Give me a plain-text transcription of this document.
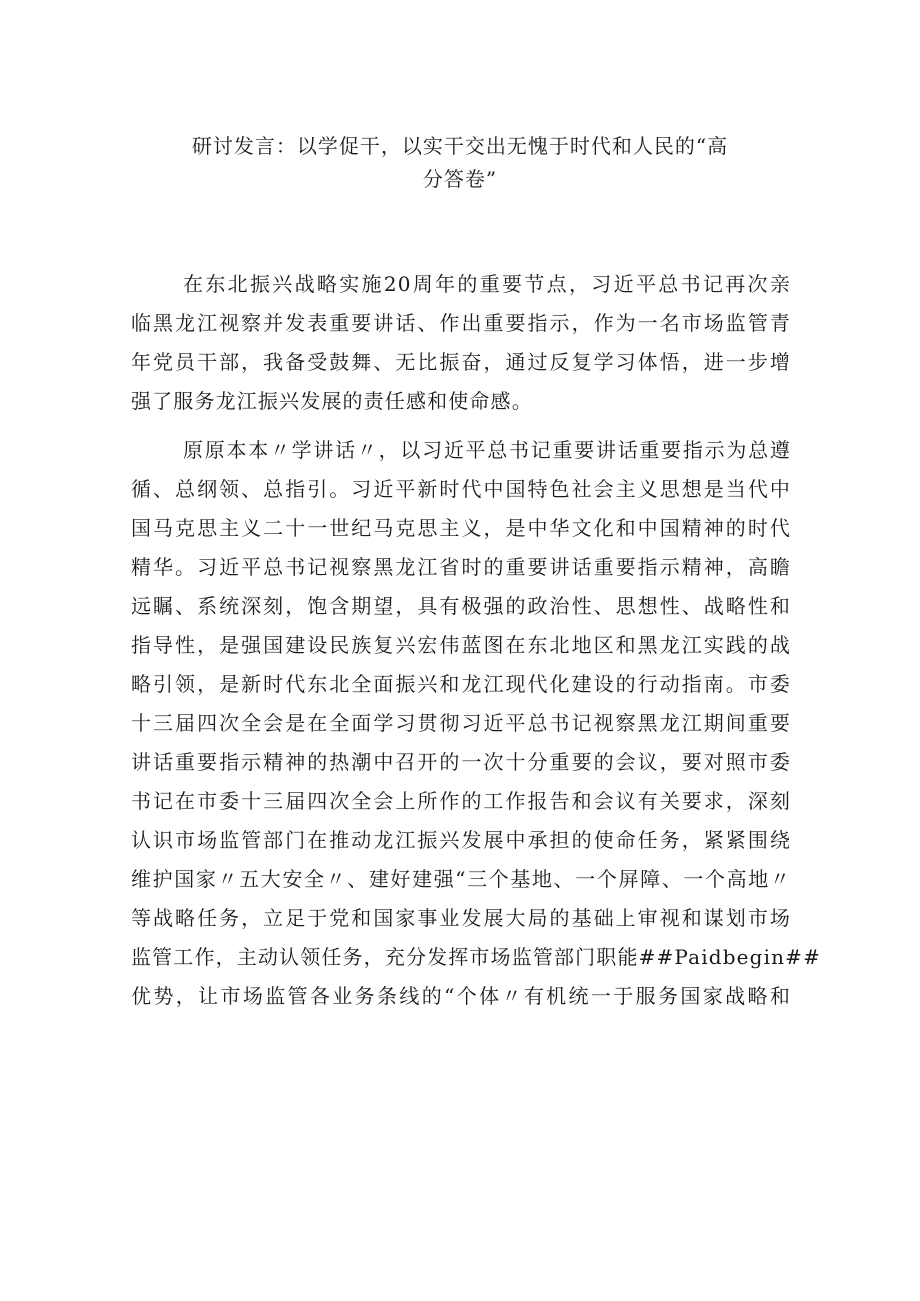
研讨发言：以学促干，以实干交出无愧于时代和人民的“高
分答卷”
在东北振兴战略实施20周年的重要节点，习近平总书记再次亲
临黑龙江视察并发表重要讲话、作出重要指示，作为一名市场监管青
年党员干部，我备受鼓舞、无比振奋，通过反复学习体悟，进一步增
强了服务龙江振兴发展的责任感和使命感。
原原本本〃学讲话〃，以习近平总书记重要讲话重要指示为总遵
循、总纲领、总指引。习近平新时代中国特色社会主义思想是当代中
国马克思主义二十一世纪马克思主义，是中华文化和中国精神的时代
精华。习近平总书记视察黑龙江省时的重要讲话重要指示精神，高瞻
远瞩、系统深刻，饱含期望，具有极强的政治性、思想性、战略性和
指导性，是强国建设民族复兴宏伟蓝图在东北地区和黑龙江实践的战
略引领，是新时代东北全面振兴和龙江现代化建设的行动指南。市委
十三届四次全会是在全面学习贯彻习近平总书记视察黑龙江期间重要
讲话重要指示精神的热潮中召开的一次十分重要的会议，要对照市委
书记在市委十三届四次全会上所作的工作报告和会议有关要求，深刻
认识市场监管部门在推动龙江振兴发展中承担的使命任务，紧紧围绕
维护国家〃五大安全〃、建好建强“三个基地、一个屏障、一个高地〃
等战略任务，立足于党和国家事业发展大局的基础上审视和谋划市场
监管工作，主动认领任务，充分发挥市场监管部门职能##Paidbegin##
优势，让市场监管各业务条线的“个体〃有机统一于服务国家战略和
